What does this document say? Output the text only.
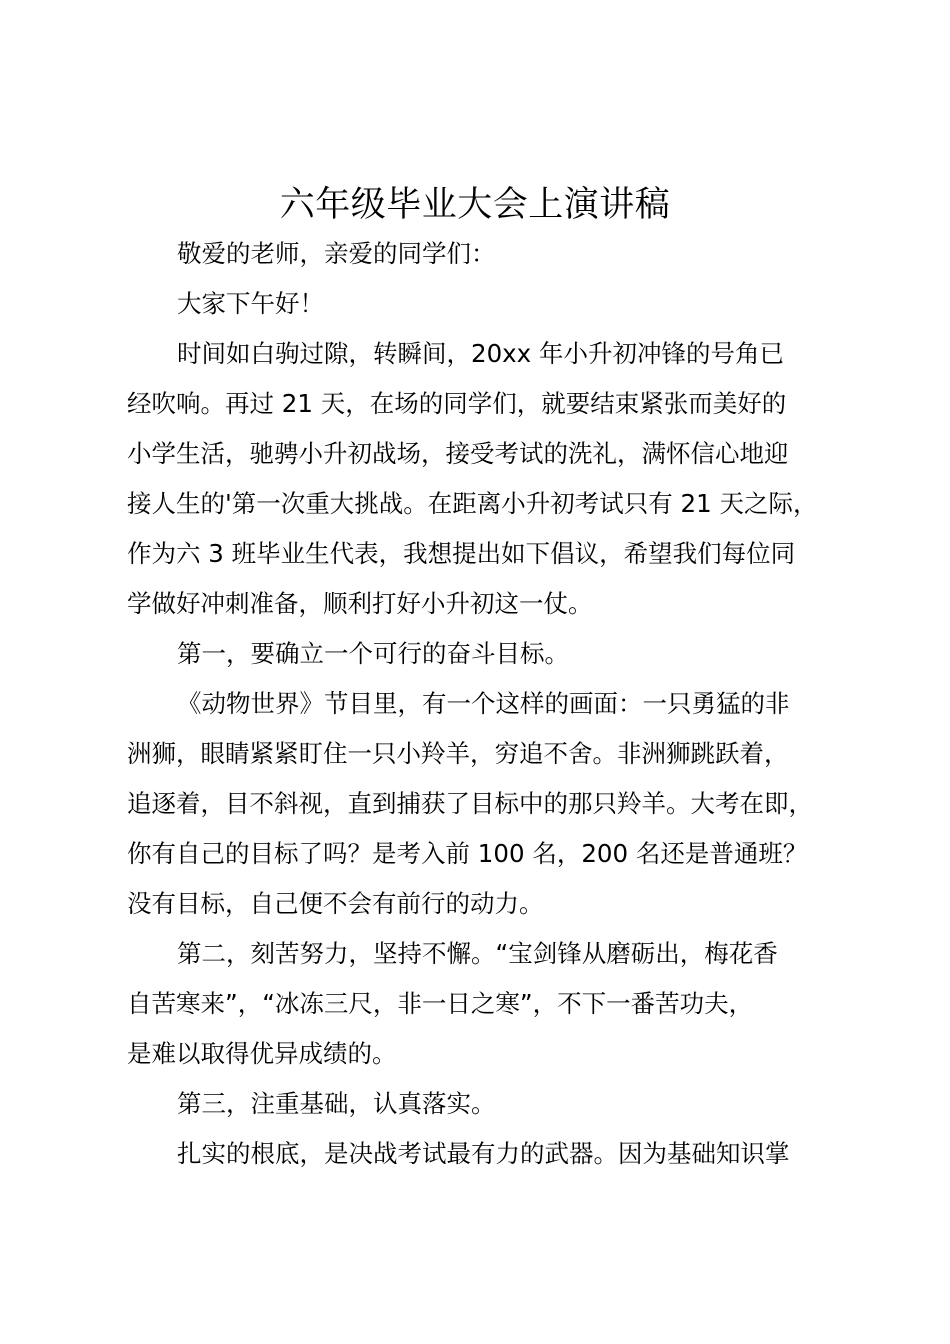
六年级毕业大会上演讲稿
敬爱的老师，亲爱的同学们：
大家下午好！
时间如白驹过隙，转瞬间，20xx 年小升初冲锋的号角已
经吹响。再过 21 天，在场的同学们，就要结束紧张而美好的
小学生活，驰骋小升初战场，接受考试的洗礼，满怀信心地迎
接人生的'第一次重大挑战。在距离小升初考试只有 21 天之际，
作为六 3 班毕业生代表，我想提出如下倡议，希望我们每位同
学做好冲刺准备，顺利打好小升初这一仗。
第一，要确立一个可行的奋斗目标。
《动物世界》节目里，有一个这样的画面：一只勇猛的非
洲狮，眼睛紧紧盯住一只小羚羊，穷追不舍。非洲狮跳跃着，
追逐着，目不斜视，直到捕获了目标中的那只羚羊。大考在即，
你有自己的目标了吗？是考入前 100 名，200 名还是普通班？
没有目标，自己便不会有前行的动力。
第二，刻苦努力，坚持不懈。“宝剑锋从磨砺出，梅花香
自苦寒来”，“冰冻三尺，非一日之寒”，不下一番苦功夫，
是难以取得优异成绩的。
第三，注重基础，认真落实。
扎实的根底，是决战考试最有力的武器。因为基础知识掌
